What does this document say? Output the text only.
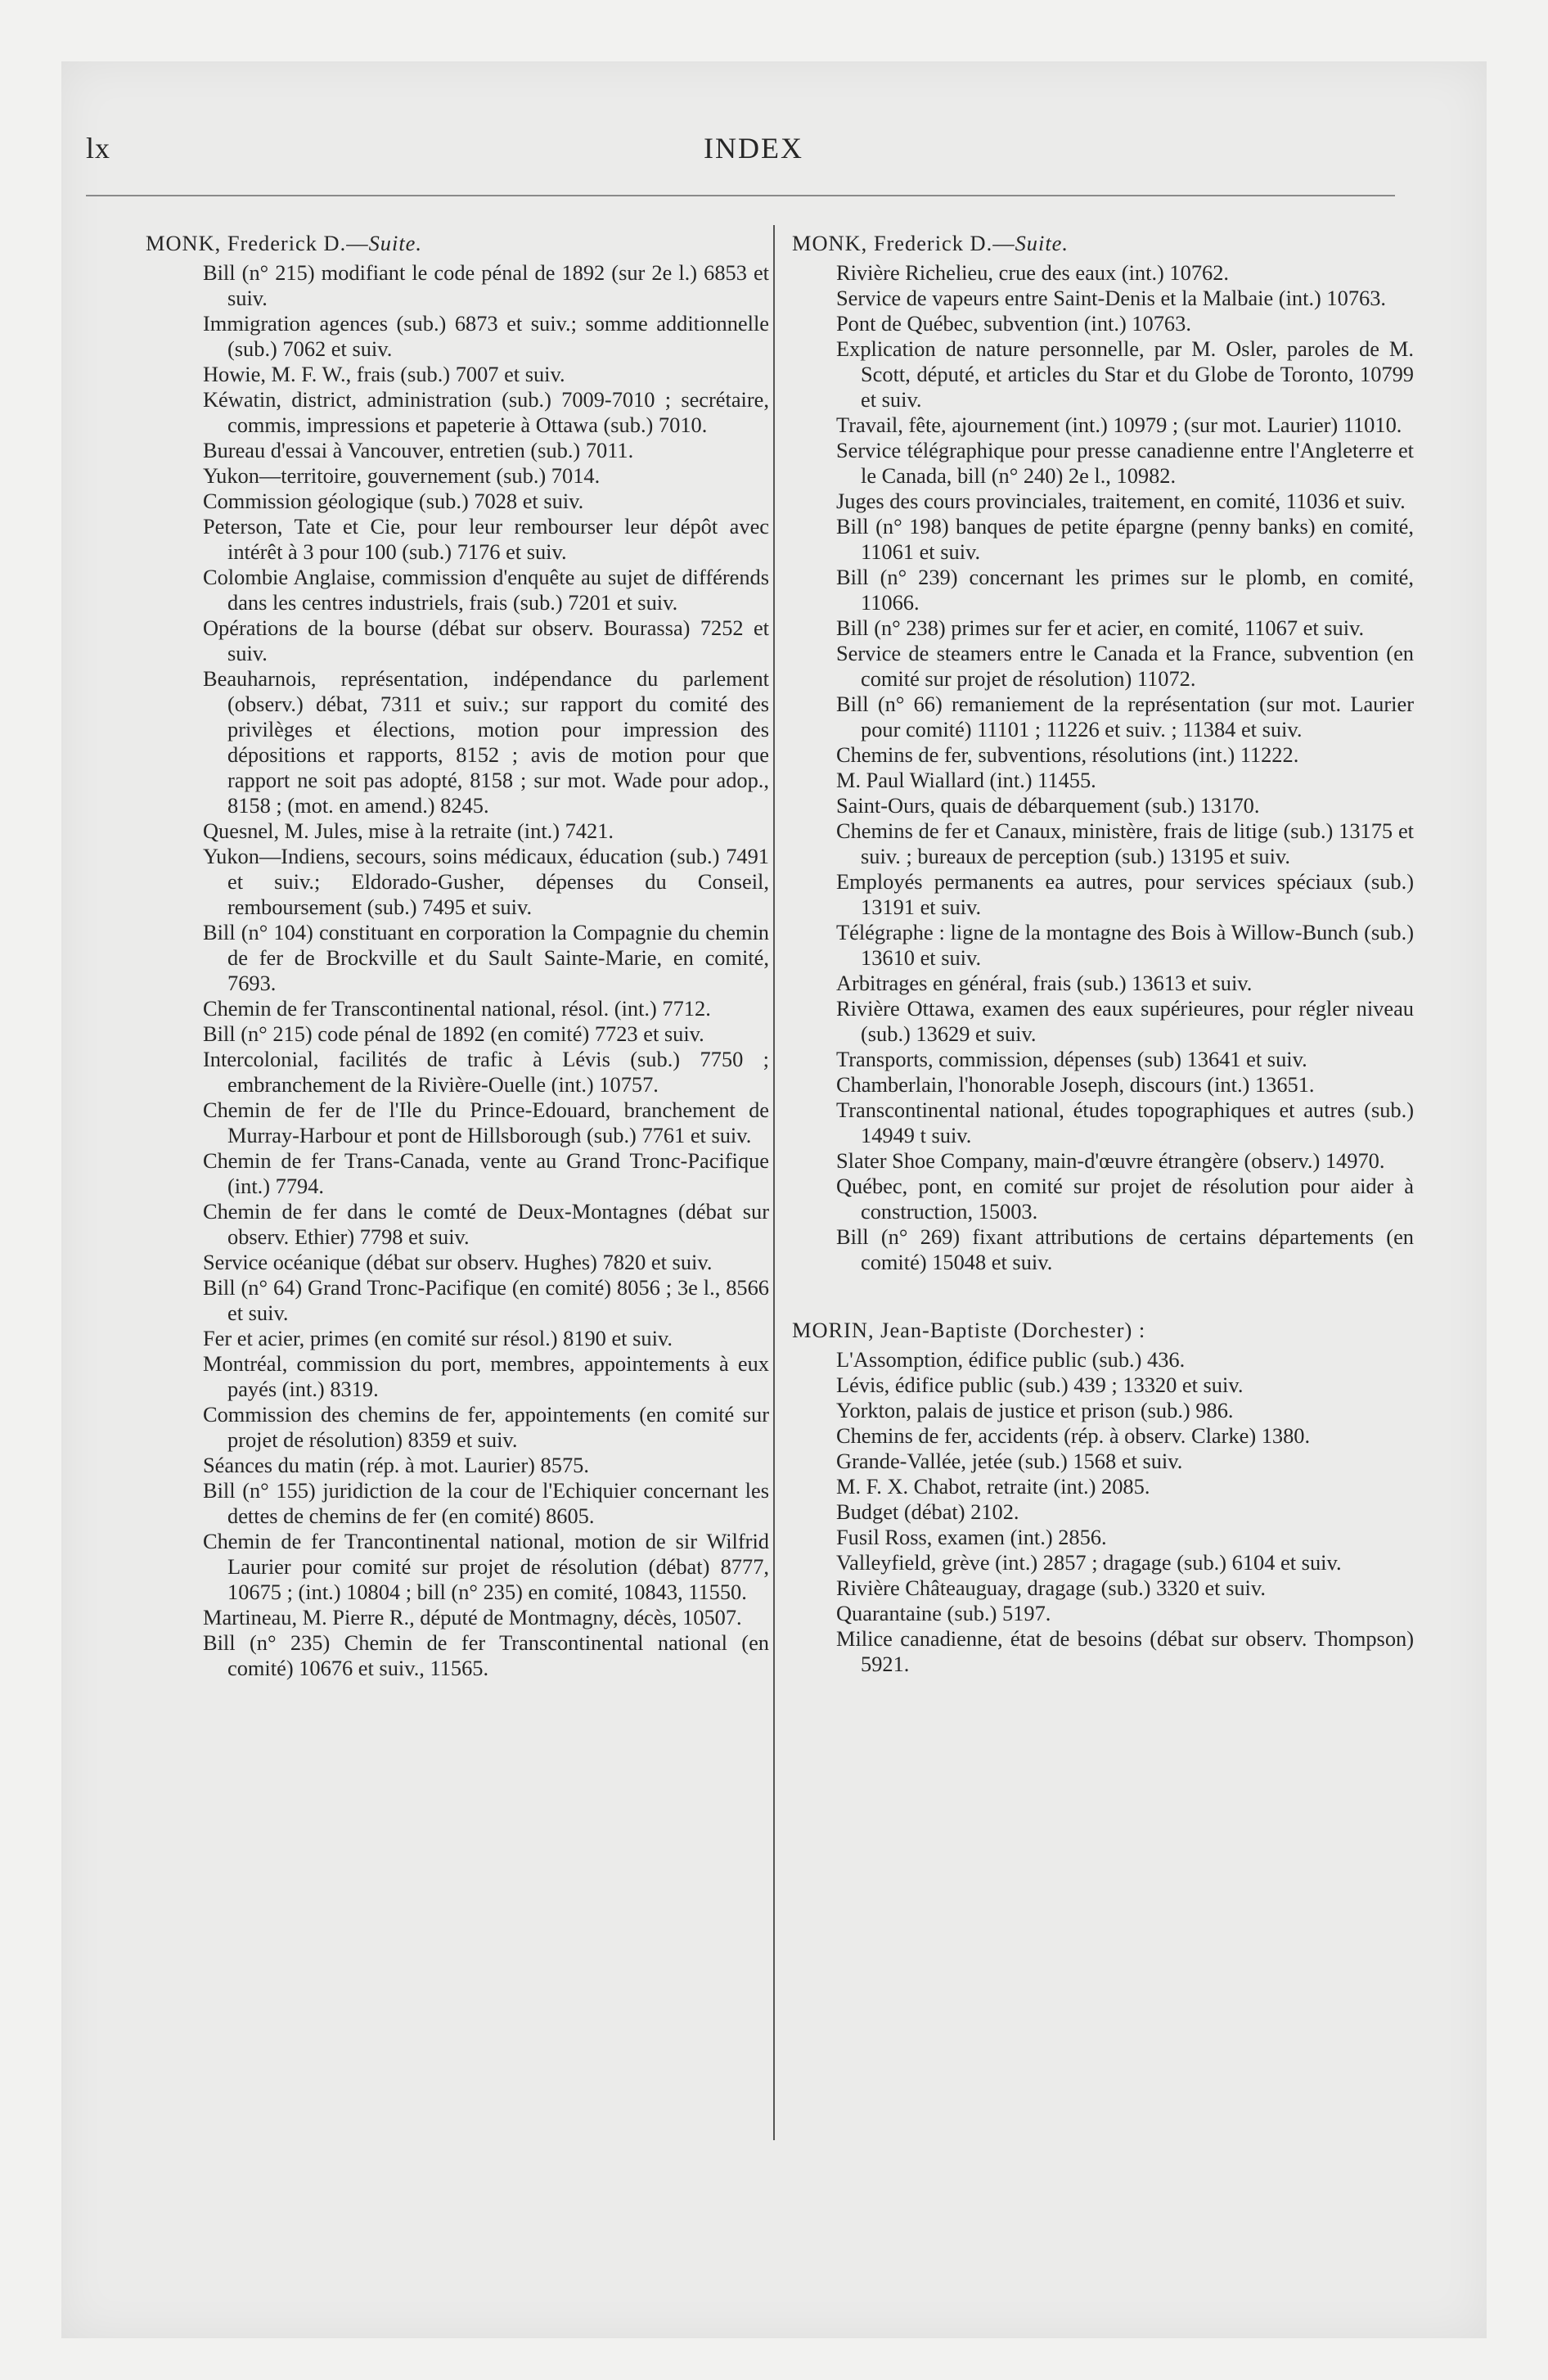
lx	INDEX
MONK, Frederick D.—Suite.
Bill (n° 215) modifiant le code pénal de 1892 (sur 2e l.) 6853 et suiv.
Immigration agences (sub.) 6873 et suiv.; somme additionnelle (sub.) 7062 et suiv.
Howie, M. F. W., frais (sub.) 7007 et suiv.
Kéwatin, district, administration (sub.) 7009-7010 ; secrétaire, commis, impressions et papeterie à Ottawa (sub.) 7010.
Bureau d'essai à Vancouver, entretien (sub.) 7011.
Yukon—territoire, gouvernement (sub.) 7014.
Commission géologique (sub.) 7028 et suiv.
Peterson, Tate et Cie, pour leur rembourser leur dépôt avec intérêt à 3 pour 100 (sub.) 7176 et suiv.
Colombie Anglaise, commission d'enquête au sujet de différends dans les centres industriels, frais (sub.) 7201 et suiv.
Opérations de la bourse (débat sur observ. Bourassa) 7252 et suiv.
Beauharnois, représentation, indépendance du parlement (observ.) débat, 7311 et suiv.; sur rapport du comité des privilèges et élections, motion pour impression des dépositions et rapports, 8152 ; avis de motion pour que rapport ne soit pas adopté, 8158 ; sur mot. Wade pour adop., 8158 ; (mot. en amend.) 8245.
Quesnel, M. Jules, mise à la retraite (int.) 7421.
Yukon—Indiens, secours, soins médicaux, éducation (sub.) 7491 et suiv.; Eldorado-Gusher, dépenses du Conseil, remboursement (sub.) 7495 et suiv.
Bill (n° 104) constituant en corporation la Compagnie du chemin de fer de Brockville et du Sault Sainte-Marie, en comité, 7693.
Chemin de fer Transcontinental national, résol. (int.) 7712.
Bill (n° 215) code pénal de 1892 (en comité) 7723 et suiv.
Intercolonial, facilités de trafic à Lévis (sub.) 7750 ; embranchement de la Rivière-Ouelle (int.) 10757.
Chemin de fer de l'Ile du Prince-Edouard, branchement de Murray-Harbour et pont de Hillsborough (sub.) 7761 et suiv.
Chemin de fer Trans-Canada, vente au Grand Tronc-Pacifique (int.) 7794.
Chemin de fer dans le comté de Deux-Montagnes (débat sur observ. Ethier) 7798 et suiv.
Service océanique (débat sur observ. Hughes) 7820 et suiv.
Bill (n° 64) Grand Tronc-Pacifique (en comité) 8056 ; 3e l., 8566 et suiv.
Fer et acier, primes (en comité sur résol.) 8190 et suiv.
Montréal, commission du port, membres, appointements à eux payés (int.) 8319.
Commission des chemins de fer, appointements (en comité sur projet de résolution) 8359 et suiv.
Séances du matin (rép. à mot. Laurier) 8575.
Bill (n° 155) juridiction de la cour de l'Echiquier concernant les dettes de chemins de fer (en comité) 8605.
Chemin de fer Trancontinental national, motion de sir Wilfrid Laurier pour comité sur projet de résolution (débat) 8777, 10675 ; (int.) 10804 ; bill (n° 235) en comité, 10843, 11550.
Martineau, M. Pierre R., député de Montmagny, décès, 10507.
Bill (n° 235) Chemin de fer Transcontinental national (en comité) 10676 et suiv., 11565.
MONK, Frederick D.—Suite.
Rivière Richelieu, crue des eaux (int.) 10762.
Service de vapeurs entre Saint-Denis et la Malbaie (int.) 10763.
Pont de Québec, subvention (int.) 10763.
Explication de nature personnelle, par M. Osler, paroles de M. Scott, député, et articles du Star et du Globe de Toronto, 10799 et suiv.
Travail, fête, ajournement (int.) 10979 ; (sur mot. Laurier) 11010.
Service télégraphique pour presse canadienne entre l'Angleterre et le Canada, bill (n° 240) 2e l., 10982.
Juges des cours provinciales, traitement, en comité, 11036 et suiv.
Bill (n° 198) banques de petite épargne (penny banks) en comité, 11061 et suiv.
Bill (n° 239) concernant les primes sur le plomb, en comité, 11066.
Bill (n° 238) primes sur fer et acier, en comité, 11067 et suiv.
Service de steamers entre le Canada et la France, subvention (en comité sur projet de résolution) 11072.
Bill (n° 66) remaniement de la représentation (sur mot. Laurier pour comité) 11101 ; 11226 et suiv. ; 11384 et suiv.
Chemins de fer, subventions, résolutions (int.) 11222.
M. Paul Wiallard (int.) 11455.
Saint-Ours, quais de débarquement (sub.) 13170.
Chemins de fer et Canaux, ministère, frais de litige (sub.) 13175 et suiv. ; bureaux de perception (sub.) 13195 et suiv.
Employés permanents ea autres, pour services spéciaux (sub.) 13191 et suiv.
Télégraphe : ligne de la montagne des Bois à Willow-Bunch (sub.) 13610 et suiv.
Arbitrages en général, frais (sub.) 13613 et suiv.
Rivière Ottawa, examen des eaux supérieures, pour régler niveau (sub.) 13629 et suiv.
Transports, commission, dépenses (sub) 13641 et suiv.
Chamberlain, l'honorable Joseph, discours (int.) 13651.
Transcontinental national, études topographiques et autres (sub.) 14949 t suiv.
Slater Shoe Company, main-d'œuvre étrangère (observ.) 14970.
Québec, pont, en comité sur projet de résolution pour aider à construction, 15003.
Bill (n° 269) fixant attributions de certains départements (en comité) 15048 et suiv.
MORIN, Jean-Baptiste (Dorchester) :
L'Assomption, édifice public (sub.) 436.
Lévis, édifice public (sub.) 439 ; 13320 et suiv.
Yorkton, palais de justice et prison (sub.) 986.
Chemins de fer, accidents (rép. à observ. Clarke) 1380.
Grande-Vallée, jetée (sub.) 1568 et suiv.
M. F. X. Chabot, retraite (int.) 2085.
Budget (débat) 2102.
Fusil Ross, examen (int.) 2856.
Valleyfield, grève (int.) 2857 ; dragage (sub.) 6104 et suiv.
Rivière Châteauguay, dragage (sub.) 3320 et suiv.
Quarantaine (sub.) 5197.
Milice canadienne, état de besoins (débat sur observ. Thompson) 5921.
